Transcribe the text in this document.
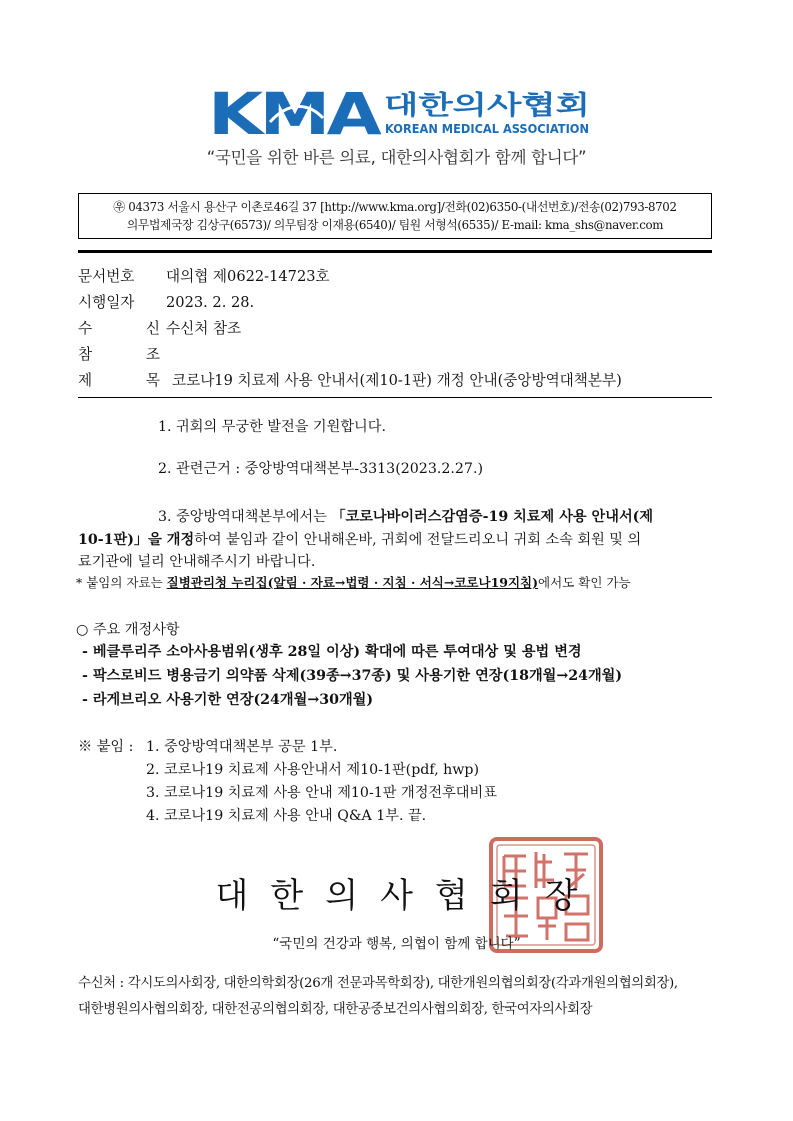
KMA 대한의사협회
KOREAN MEDICAL ASSOCIATION
“국민을 위한 바른 의료, 대한의사협회가 함께 합니다”
㉾ 04373 서울시 용산구 이촌로46길 37 [http://www.kma.org]/전화(02)6350-(내선번호)/전송(02)793-8702
의무법제국장 김상구(6573)/ 의무팀장 이재용(6540)/ 팀원 서형석(6535)/ E-mail: kma_shs@naver.com
문서번호 대의협 제0622-14723호
시행일자 2023. 2. 28.
수 신 수신처 참조
참 조
제 목 코로나19 치료제 사용 안내서(제10-1판) 개정 안내(중앙방역대책본부)
1. 귀회의 무궁한 발전을 기원합니다.
2. 관련근거 : 중앙방역대책본부-3313(2023.2.27.)
3. 중앙방역대책본부에서는 「코로나바이러스감염증-19 치료제 사용 안내서(제
10-1판)」을 개정하여 붙임과 같이 안내해온바, 귀회에 전달드리오니 귀회 소속 회원 및 의
료기관에 널리 안내해주시기 바랍니다.
* 붙임의 자료는 질병관리청 누리집(알림 · 자료→법령 · 지침 · 서식→코로나19지침)에서도 확인 가능
○ 주요 개정사항
- 베클루리주 소아사용범위(생후 28일 이상) 확대에 따른 투여대상 및 용법 변경
- 팍스로비드 병용금기 의약품 삭제(39종→37종) 및 사용기한 연장(18개월→24개월)
- 라게브리오 사용기한 연장(24개월→30개월)
※ 붙임 : 1. 중앙방역대책본부 공문 1부.
2. 코로나19 치료제 사용안내서 제10-1판(pdf, hwp)
3. 코로나19 치료제 사용 안내 제10-1판 개정전후대비표
4. 코로나19 치료제 사용 안내 Q&A 1부. 끝.
대한의사협회장
“국민의 건강과 행복, 의협이 함께 합니다”
수신처 : 각시도의사회장, 대한의학회장(26개 전문과목학회장), 대한개원의협의회장(각과개원의협의회장),
대한병원의사협의회장, 대한전공의협의회장, 대한공중보건의사협의회장, 한국여자의사회장
